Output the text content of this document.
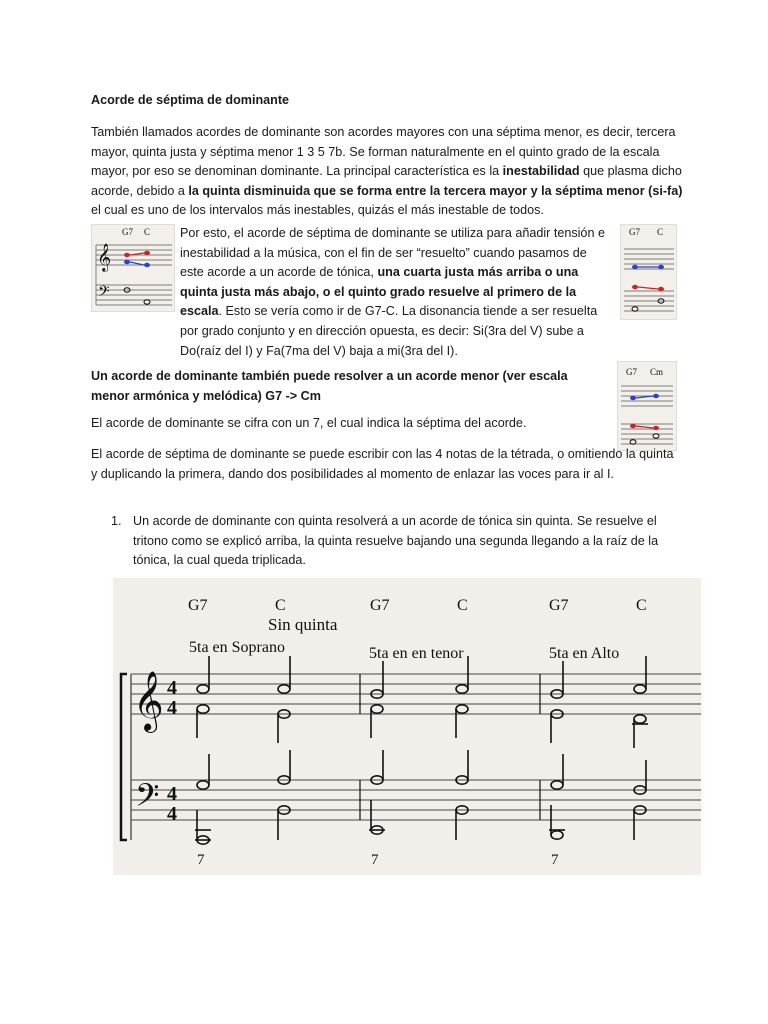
Acorde de séptima de dominante

También llamados acordes de dominante son acordes mayores con una séptima menor, es decir, tercera mayor, quinta justa y séptima menor 1 3 5 7b. Se forman naturalmente en el quinto grado de la escala mayor, por eso se denominan dominante. La principal característica es la inestabilidad que plasma dicho acorde, debido a la quinta disminuida que se forma entre la tercera mayor y la séptima menor (si-fa) el cual es uno de los intervalos más inestables, quizás el más inestable de todos.

G7 C
𝄞
𝄢

Por esto, el acorde de séptima de dominante se utiliza para añadir tensión e inestabilidad a la música, con el fin de ser “resuelto” cuando pasamos de este acorde a un acorde de tónica, una cuarta justa más arriba o una quinta justa más abajo, o el quinto grado resuelve al primero de la escala. Esto se vería como ir de G7-C. La disonancia tiende a ser resuelta por grado conjunto y en dirección opuesta, es decir: Si(3ra del V) sube a Do(raíz del I) y Fa(7ma del V) baja a mi(3ra del I).

G7 C

Un acorde de dominante también puede resolver a un acorde menor (ver escala menor armónica y melódica) G7 -> Cm

G7 Cm

El acorde de dominante se cifra con un 7, el cual indica la séptima del acorde.

El acorde de séptima de dominante se puede escribir con las 4 notas de la tétrada, o omitiendo la quinta y duplicando la primera, dando dos posibilidades al momento de enlazar las voces para ir al I.

1. Un acorde de dominante con quinta resolverá a un acorde de tónica sin quinta. Se resuelve el tritono como se explicó arriba, la quinta resuelve bajando una segunda llegando a la raíz de la tónica, la cual queda triplicada.
G7	C	G7	C	G7	C
Sin quinta
5ta en Soprano	5ta en en tenor	5ta en Alto
𝄞
𝄢
4
4
4
4
7	7	7
